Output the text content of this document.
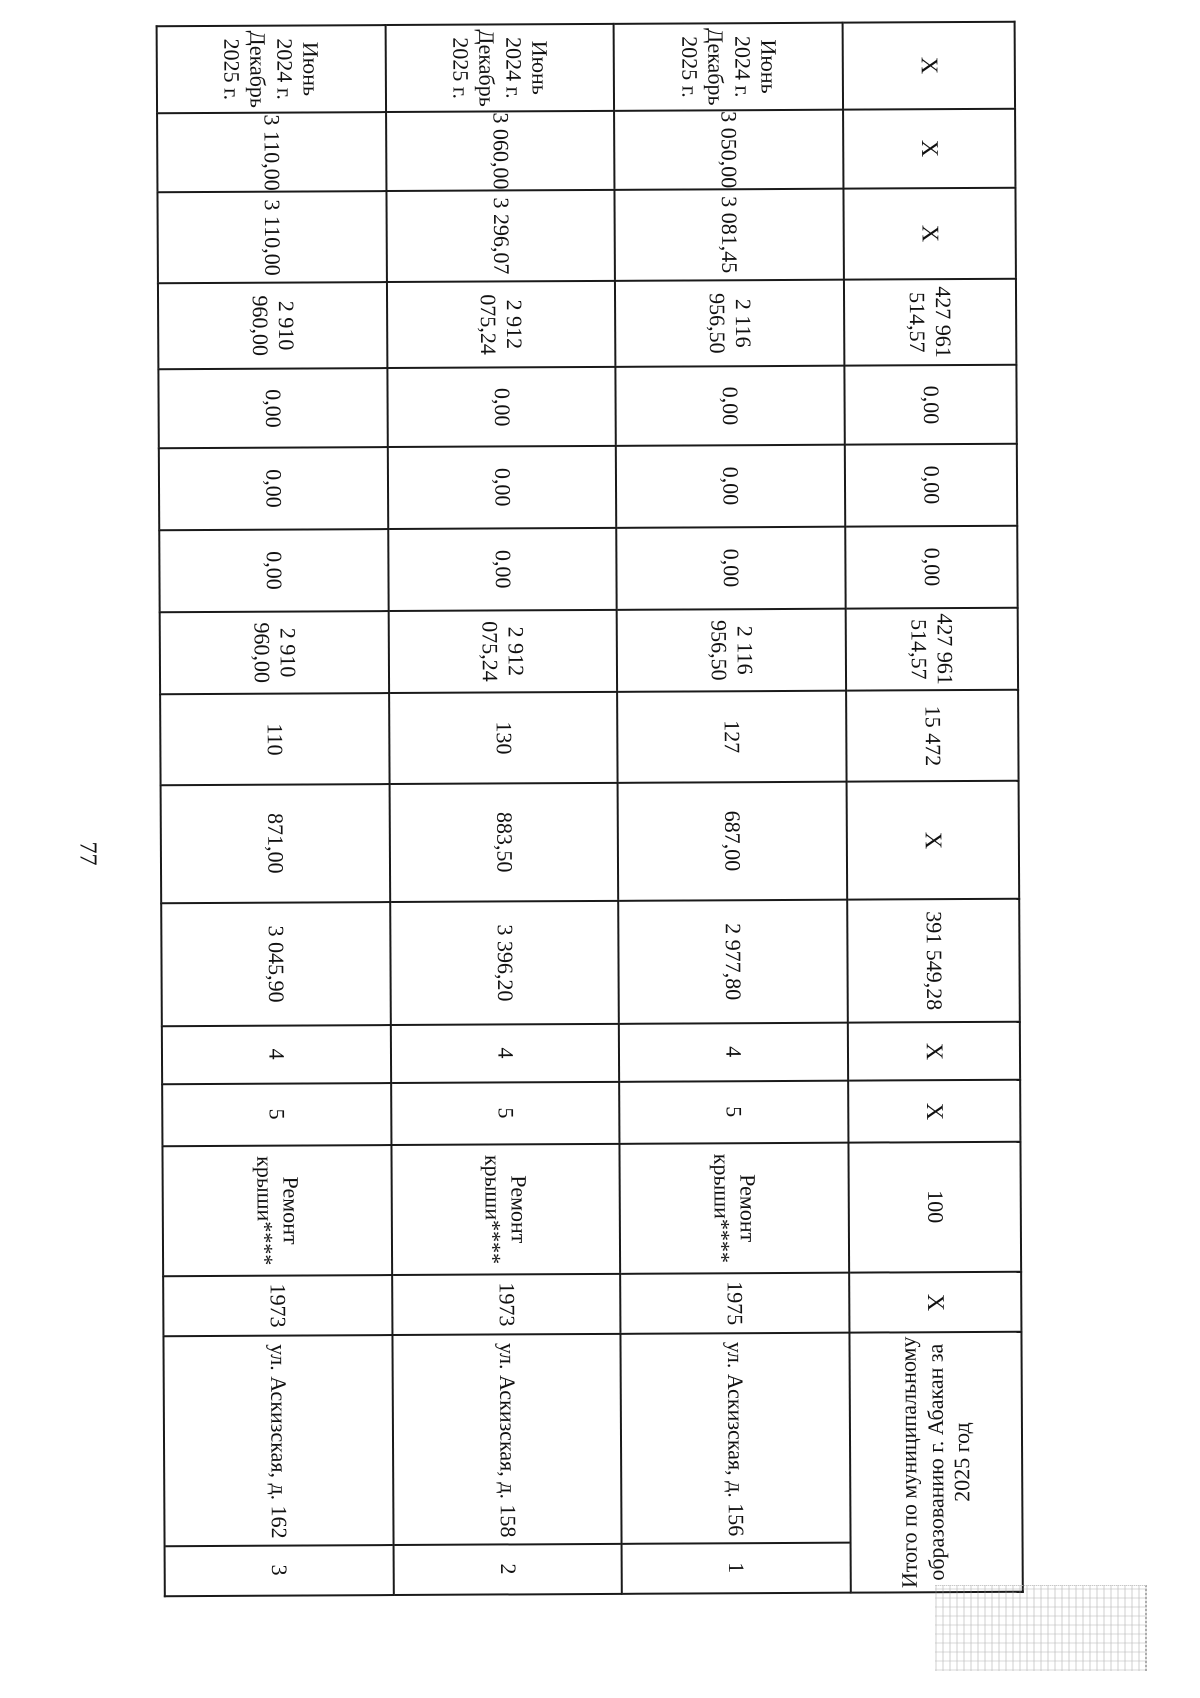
77
3
ул. Аскизская, д. 162	1973	Ремонт крыши****	5	4	3 045,90	871,00	110	2 910 960,00	0,00	0,00	0,00	2 910 960,00	3 110,00	3 110,00	Июнь 2024 г. Декабрь 2025 г.

2
ул. Аскизская, д. 158	1973	Ремонт крыши****	5	4	3 396,20	883,50	130	2 912 075,24	0,00	0,00	0,00	2 912 075,24	3 296,07	3 060,00	Июнь 2024 г. Декабрь 2025 г.

1
ул. Аскизская, д. 156	1975	Ремонт крыши****	5	4	2 977,80	687,00	127	2 116 956,50	0,00	0,00	0,00	2 116 956,50	3 081,45	3 050,00	Июнь 2024 г. Декабрь 2025 г.
Итого по муниципальному образованию г. Абакан за 2025 год	Х	100	Х	Х	391 549,28	Х	15 472	427 961 514,57	0,00	0,00	0,00	427 961 514,57	Х	Х	Х
